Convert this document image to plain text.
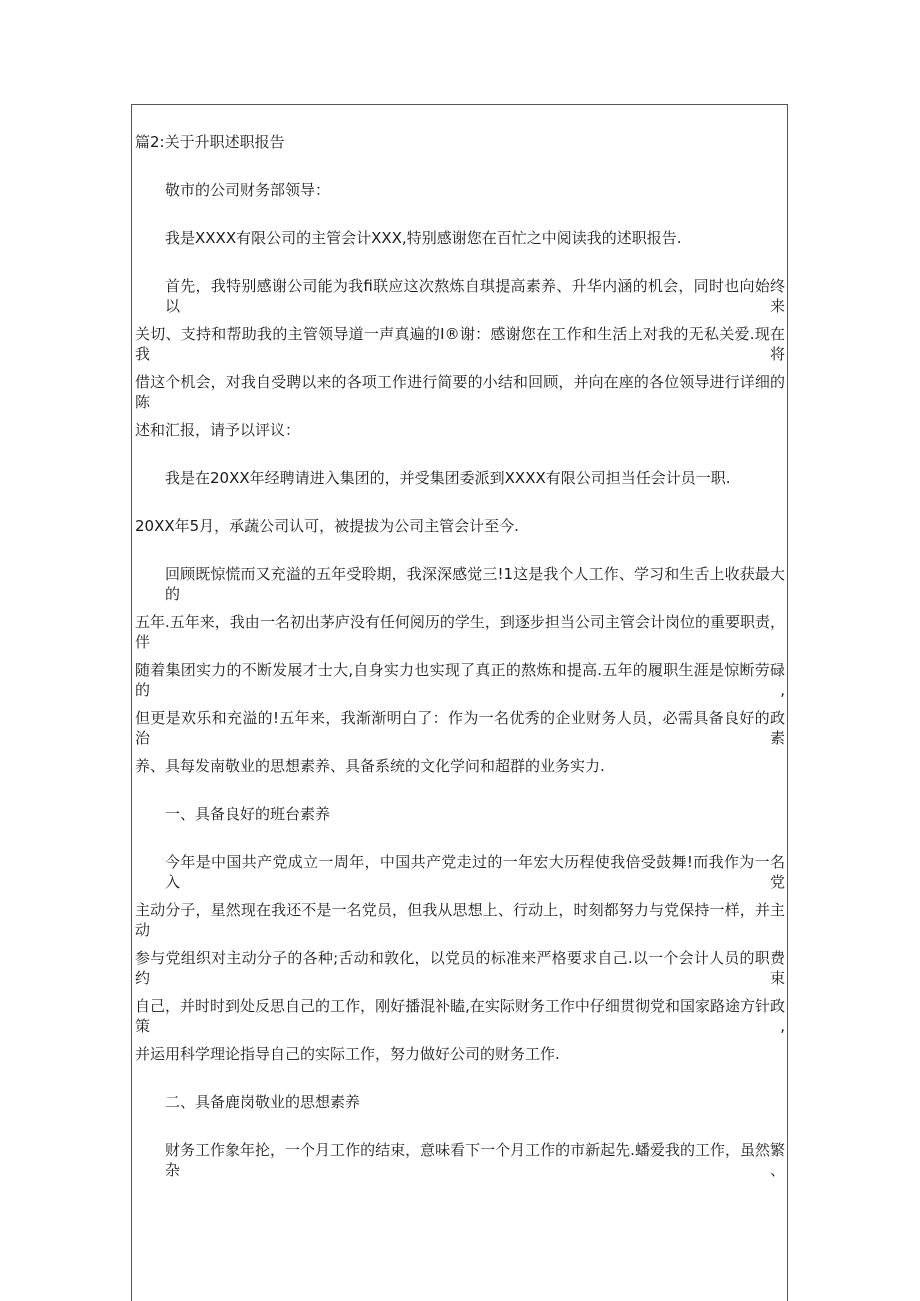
篇2:关于升职述职报告
敬市的公司财务部领导：
我是XXXX有限公司的主管会计XXX,特别感谢您在百忙之中阅读我的述职报告.
首先，我特别感谢公司能为我fi联应这次熬炼自琪提高素养、升华内涵的机会，同时也向始终以来
关切、支持和帮助我的主管领导道一声真遍的I®谢：感谢您在工作和生活上对我的无私关爱.现在我将
借这个机会，对我自受聘以来的各项工作进行简要的小结和回顾，并向在座的各位领导进行详细的陈
述和汇报，请予以评议：
我是在20XX年经聘请进入集团的，并受集团委派到XXXX有限公司担当任会计员一职.
20XX年5月，承蔬公司认可，被提拔为公司主管会计至今.
回顾既惊慌而又充溢的五年受聆期，我深深感觉三!1这是我个人工作、学习和生舌上收获最大的
五年.五年来，我由一名初出茅庐没有任何阅历的学生，到逐步担当公司主管会计岗位的重要职责，伴
随着集团实力的不断发展才士大,自身实力也实现了真正的熬炼和提高.五年的履职生涯是惊断劳碌的,
但更是欢乐和充溢的!五年来，我渐渐明白了：作为一名优秀的企业财务人员，必需具备良好的政治素
养、具每发南敬业的思想素养、具备系统的文化学问和超群的业务实力.
一、具备良好的班台素养
今年是中国共产党成立一周年，中国共产党走过的一年宏大历程使我倍受鼓舞!而我作为一名入党
主动分子，星然现在我还不是一名党员，但我从思想上、行动上，时刻都努力与党保持一样，并主动
参与党组织对主动分子的各种;舌动和敦化，以党员的标准来严格要求自己.以一个会计人员的职费约束
自己，并时时到处反思自己的工作，刚好播混补瞌,在实际财务工作中仔细贯彻党和国家路途方针政策,
并运用科学理论指导自己的实际工作，努力做好公司的财务工作.
二、具备鹿岗敬业的思想素养
财务工作象年抡，一个月工作的结束，意味看下一个月工作的市新起先.蟠爱我的工作，虽然繁杂、
